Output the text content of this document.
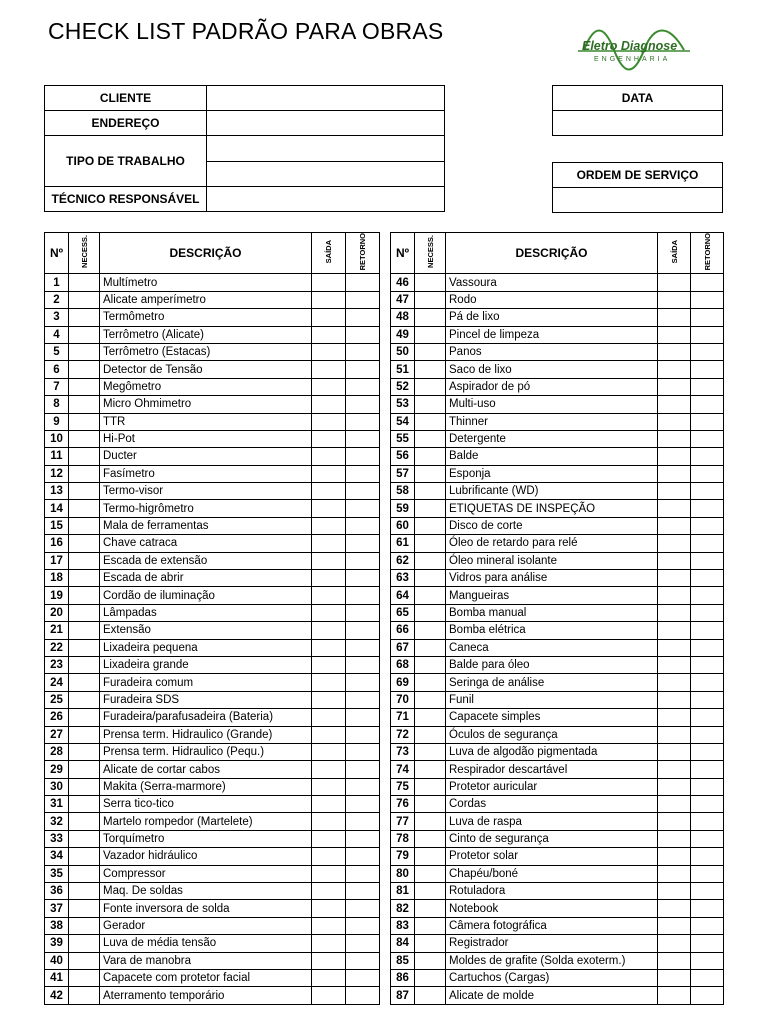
CHECK LIST PADRÃO PARA OBRAS
Eletro Diagnose
ENGENHARIA
CLIENTE	
ENDEREÇO	
TIPO DE TRABALHO	

TÉCNICO RESPONSÁVEL	
DATA

ORDEM DE SERVIÇO

Nº	NECESS.	DESCRIÇÃO	SAÍDA	RETORNO
1		Multímetro		
2		Alicate amperímetro		
3		Termômetro		
4		Terrômetro (Alicate)		
5		Terrômetro (Estacas)		
6		Detector de Tensão		
7		Megômetro		
8		Micro Ohmimetro		
9		TTR		
10		Hi-Pot		
11		Ducter		
12		Fasímetro		
13		Termo-visor		
14		Termo-higrômetro		
15		Mala de ferramentas		
16		Chave catraca		
17		Escada de extensão		
18		Escada de abrir		
19		Cordão de iluminação		
20		Lâmpadas		
21		Extensão		
22		Lixadeira pequena		
23		Lixadeira grande		
24		Furadeira comum		
25		Furadeira SDS		
26		Furadeira/parafusadeira (Bateria)		
27		Prensa term. Hidraulico (Grande)		
28		Prensa term. Hidraulico (Pequ.)		
29		Alicate de cortar cabos		
30		Makita (Serra-marmore)		
31		Serra tico-tico		
32		Martelo rompedor (Martelete)		
33		Torquímetro		
34		Vazador hidráulico		
35		Compressor		
36		Maq. De soldas		
37		Fonte inversora de solda		
38		Gerador		
39		Luva de média tensão		
40		Vara de manobra		
41		Capacete com protetor facial		
42		Aterramento temporário		
Nº	NECESS.	DESCRIÇÃO	SAÍDA	RETORNO
46		Vassoura		
47		Rodo		
48		Pá de lixo		
49		Pincel de limpeza		
50		Panos		
51		Saco de lixo		
52		Aspirador de pó		
53		Multi-uso		
54		Thinner		
55		Detergente		
56		Balde		
57		Esponja		
58		Lubrificante (WD)		
59		ETIQUETAS DE INSPEÇÃO		
60		Disco de corte		
61		Óleo de retardo para relé		
62		Óleo mineral isolante		
63		Vidros para análise		
64		Mangueiras		
65		Bomba manual		
66		Bomba elétrica		
67		Caneca		
68		Balde para óleo		
69		Seringa de análise		
70		Funil		
71		Capacete simples		
72		Óculos de segurança		
73		Luva de algodão pigmentada		
74		Respirador descartável		
75		Protetor auricular		
76		Cordas		
77		Luva de raspa		
78		Cinto de segurança		
79		Protetor solar		
80		Chapéu/boné		
81		Rotuladora		
82		Notebook		
83		Câmera fotográfica		
84		Registrador		
85		Moldes de grafite (Solda exoterm.)		
86		Cartuchos (Cargas)		
87		Alicate de molde		
